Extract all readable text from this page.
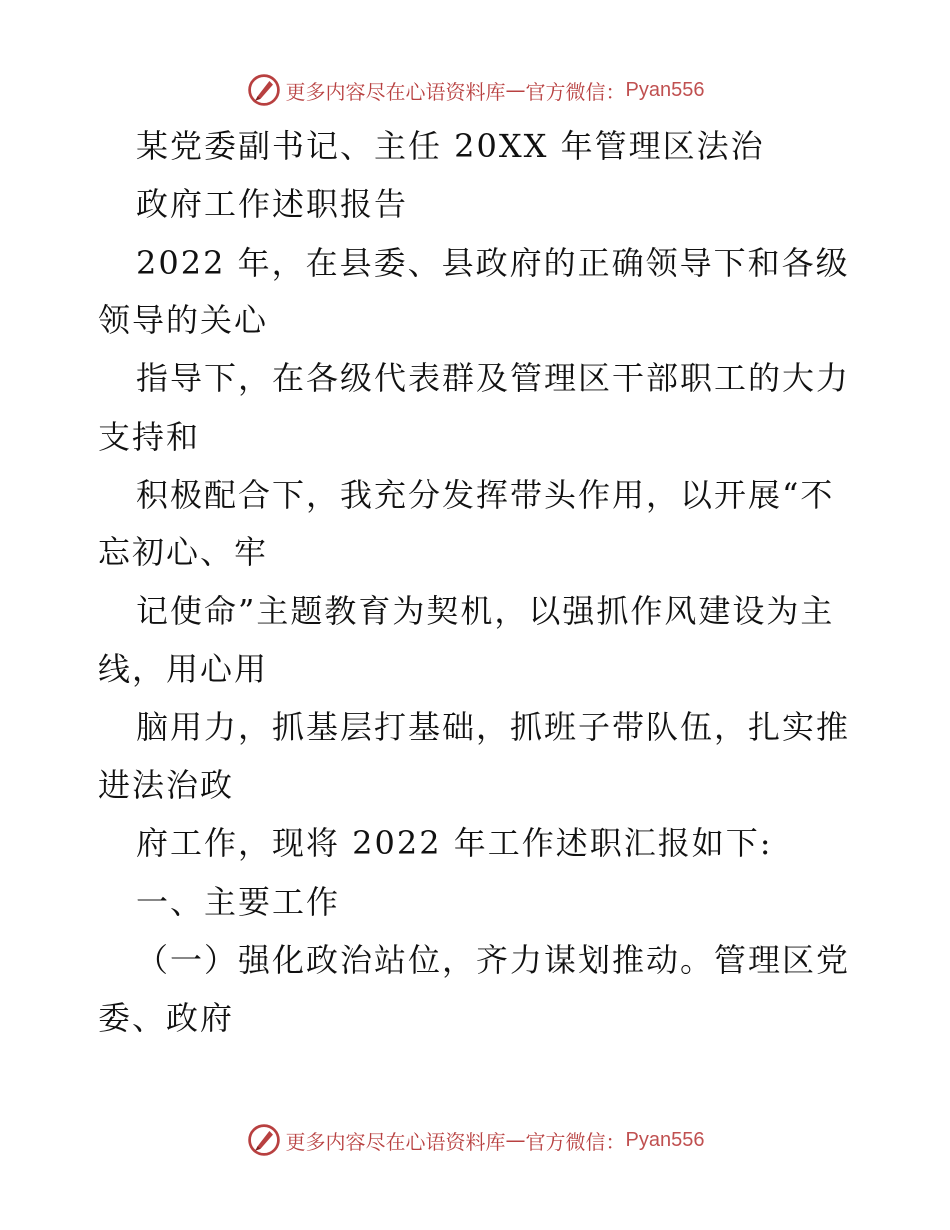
更多内容尽在心语资料库 — 官方微信： Pyan556
某党委副书记、主任 20XX 年管理区法治
政府工作述职报告
2022 年，在县委、县政府的正确领导下和各级
领导的关心
指导下，在各级代表群及管理区干部职工的大力
支持和
积极配合下，我充分发挥带头作用，以开展“不
忘初心、牢
记使命”主题教育为契机，以强抓作风建设为主
线，用心用
脑用力，抓基层打基础，抓班子带队伍，扎实推
进法治政
府工作，现将 2022 年工作述职汇报如下:
一、主要工作
（一）强化政治站位，齐力谋划推动。管理区党
委、政府
更多内容尽在心语资料库 — 官方微信： Pyan556
